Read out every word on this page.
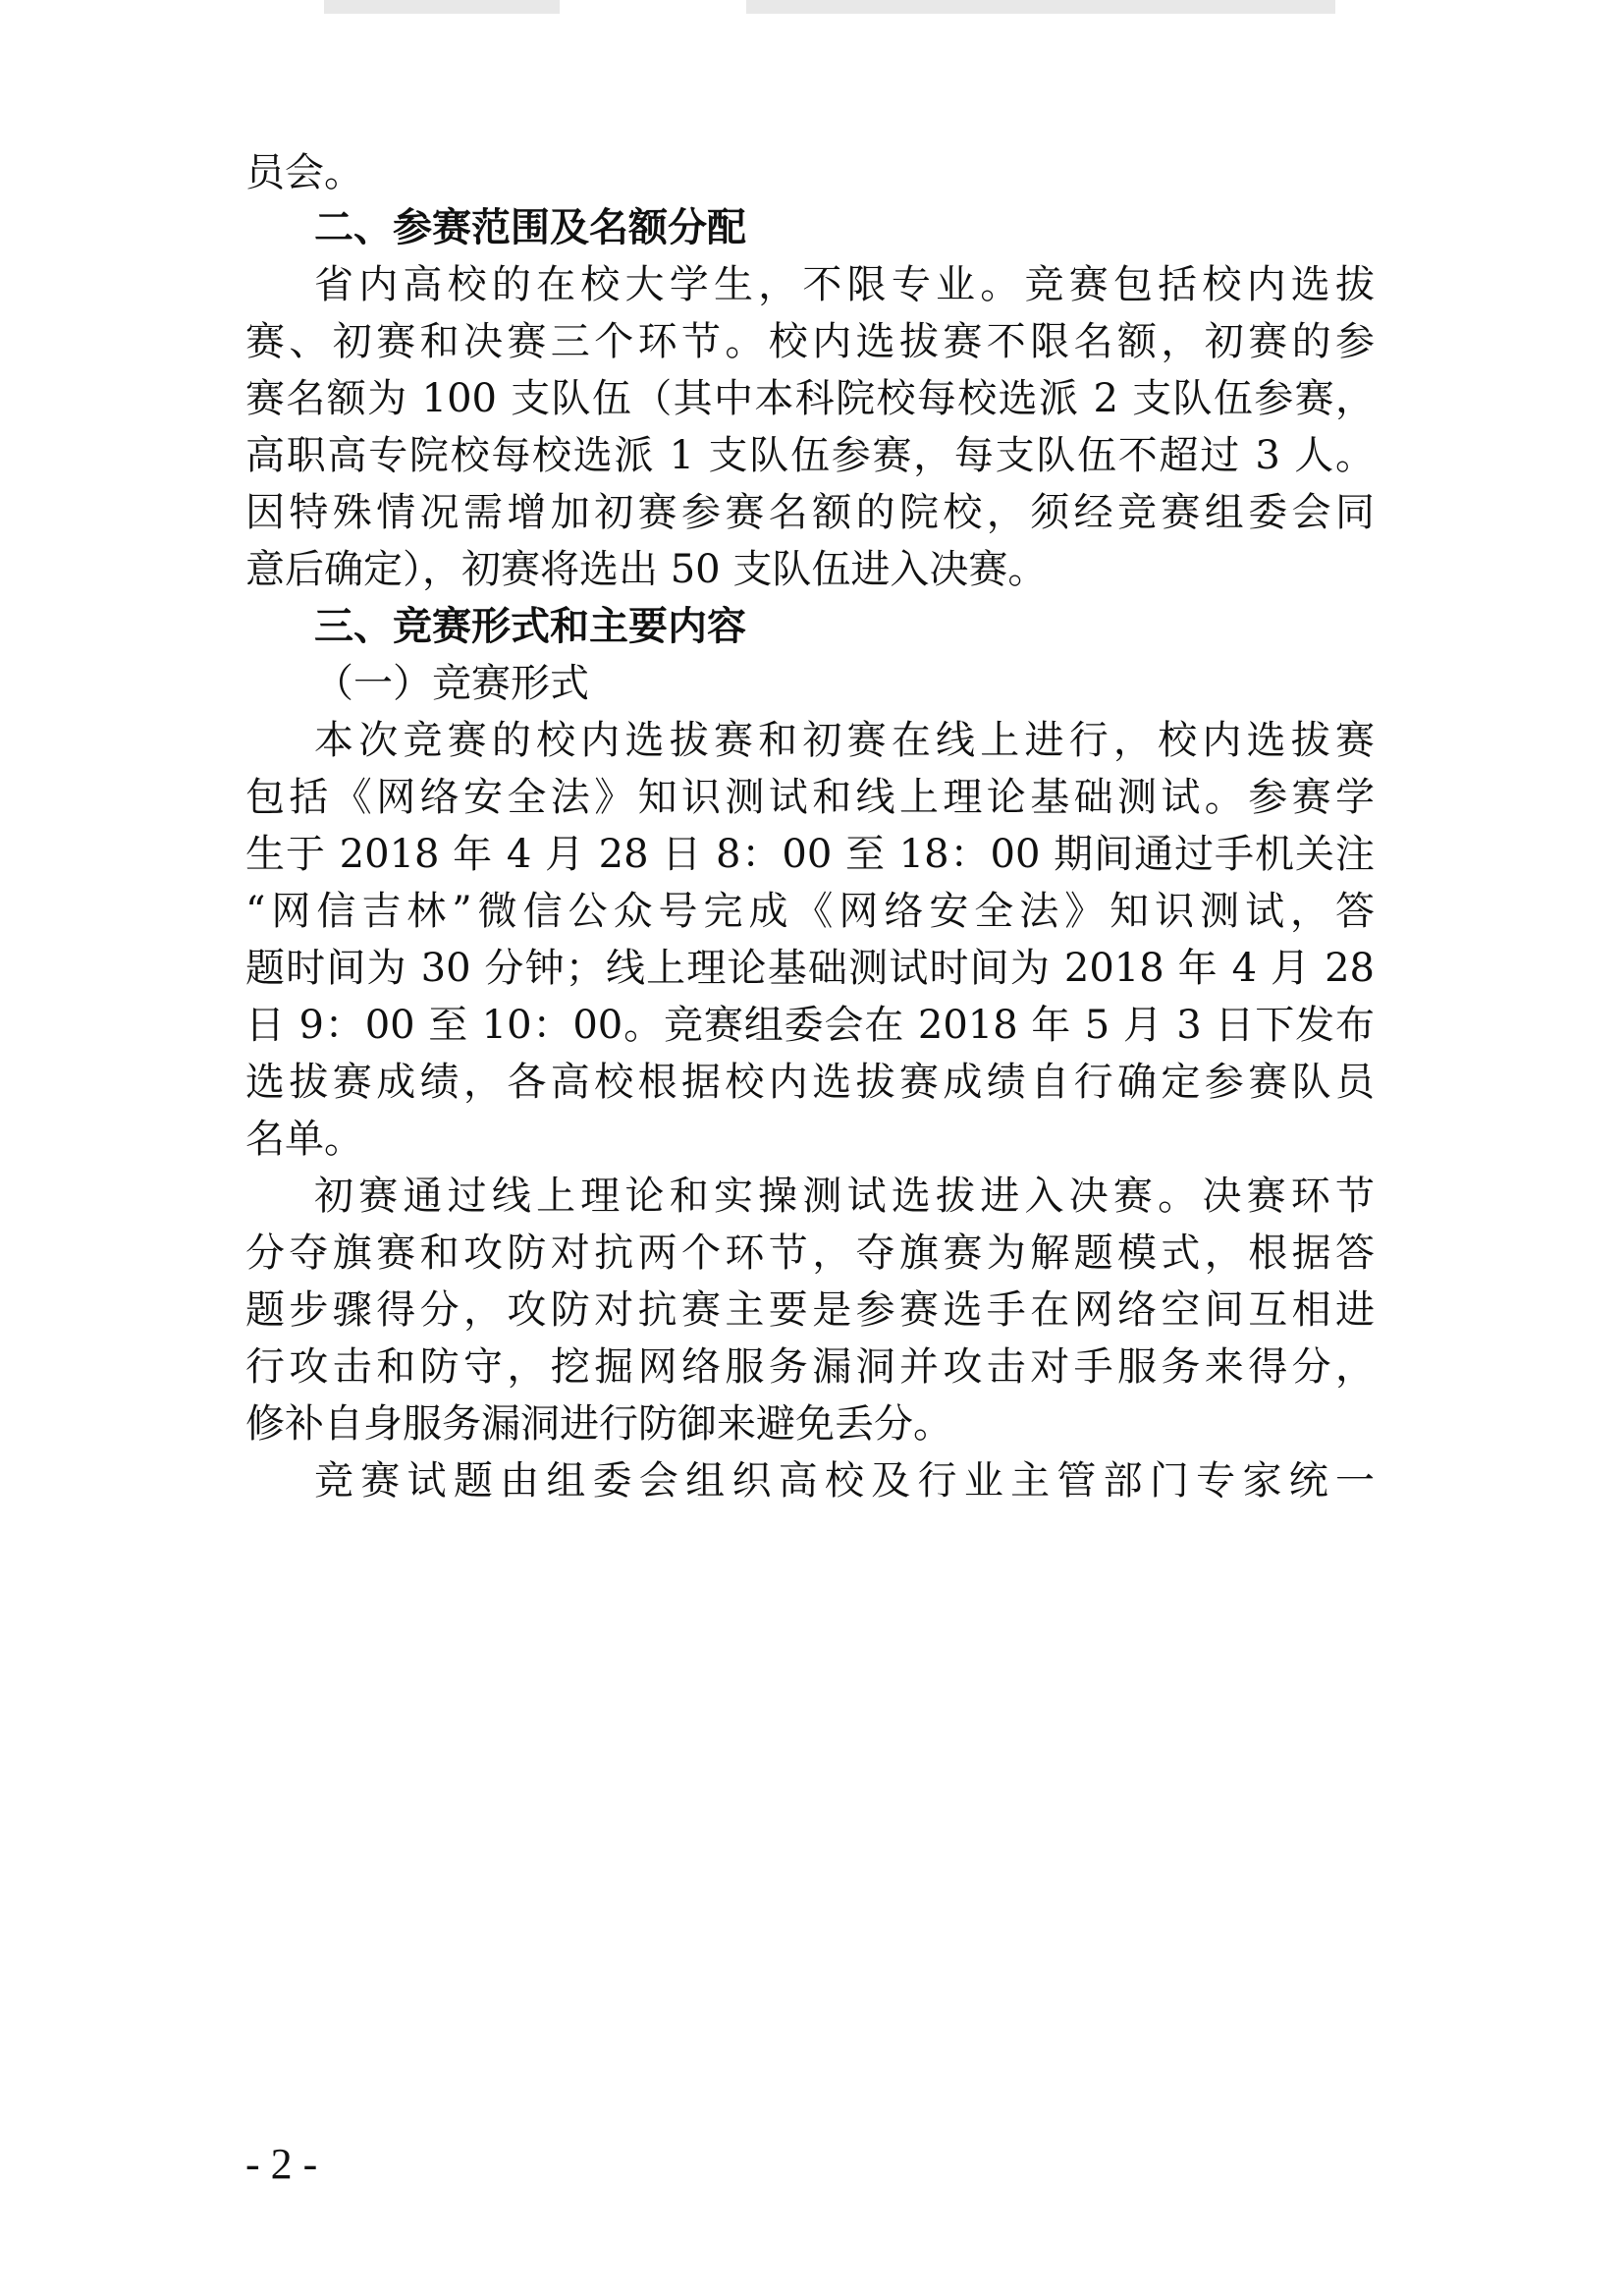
员会。
二、参赛范围及名额分配
省内高校的在校大学生，不限专业。竞赛包括校内选拔
赛、初赛和决赛三个环节。校内选拔赛不限名额，初赛的参
赛名额为 100 支队伍（其中本科院校每校选派 2 支队伍参赛，
高职高专院校每校选派 1 支队伍参赛，每支队伍不超过 3 人。
因特殊情况需增加初赛参赛名额的院校，须经竞赛组委会同
意后确定），初赛将选出 50 支队伍进入决赛。
三、竞赛形式和主要内容
（一）竞赛形式
本次竞赛的校内选拔赛和初赛在线上进行，校内选拔赛
包括《网络安全法》知识测试和线上理论基础测试。参赛学
生于 2018 年 4 月 28 日 8：00 至 18：00 期间通过手机关注
“网信吉林”微信公众号完成《网络安全法》知识测试，答
题时间为 30 分钟；线上理论基础测试时间为 2018 年 4 月 28
日 9：00 至 10：00。竞赛组委会在 2018 年 5 月 3 日下发布
选拔赛成绩，各高校根据校内选拔赛成绩自行确定参赛队员
名单。
初赛通过线上理论和实操测试选拔进入决赛。决赛环节
分夺旗赛和攻防对抗两个环节，夺旗赛为解题模式，根据答
题步骤得分，攻防对抗赛主要是参赛选手在网络空间互相进
行攻击和防守，挖掘网络服务漏洞并攻击对手服务来得分，
修补自身服务漏洞进行防御来避免丢分。
竞赛试题由组委会组织高校及行业主管部门专家统一
- 2 -
